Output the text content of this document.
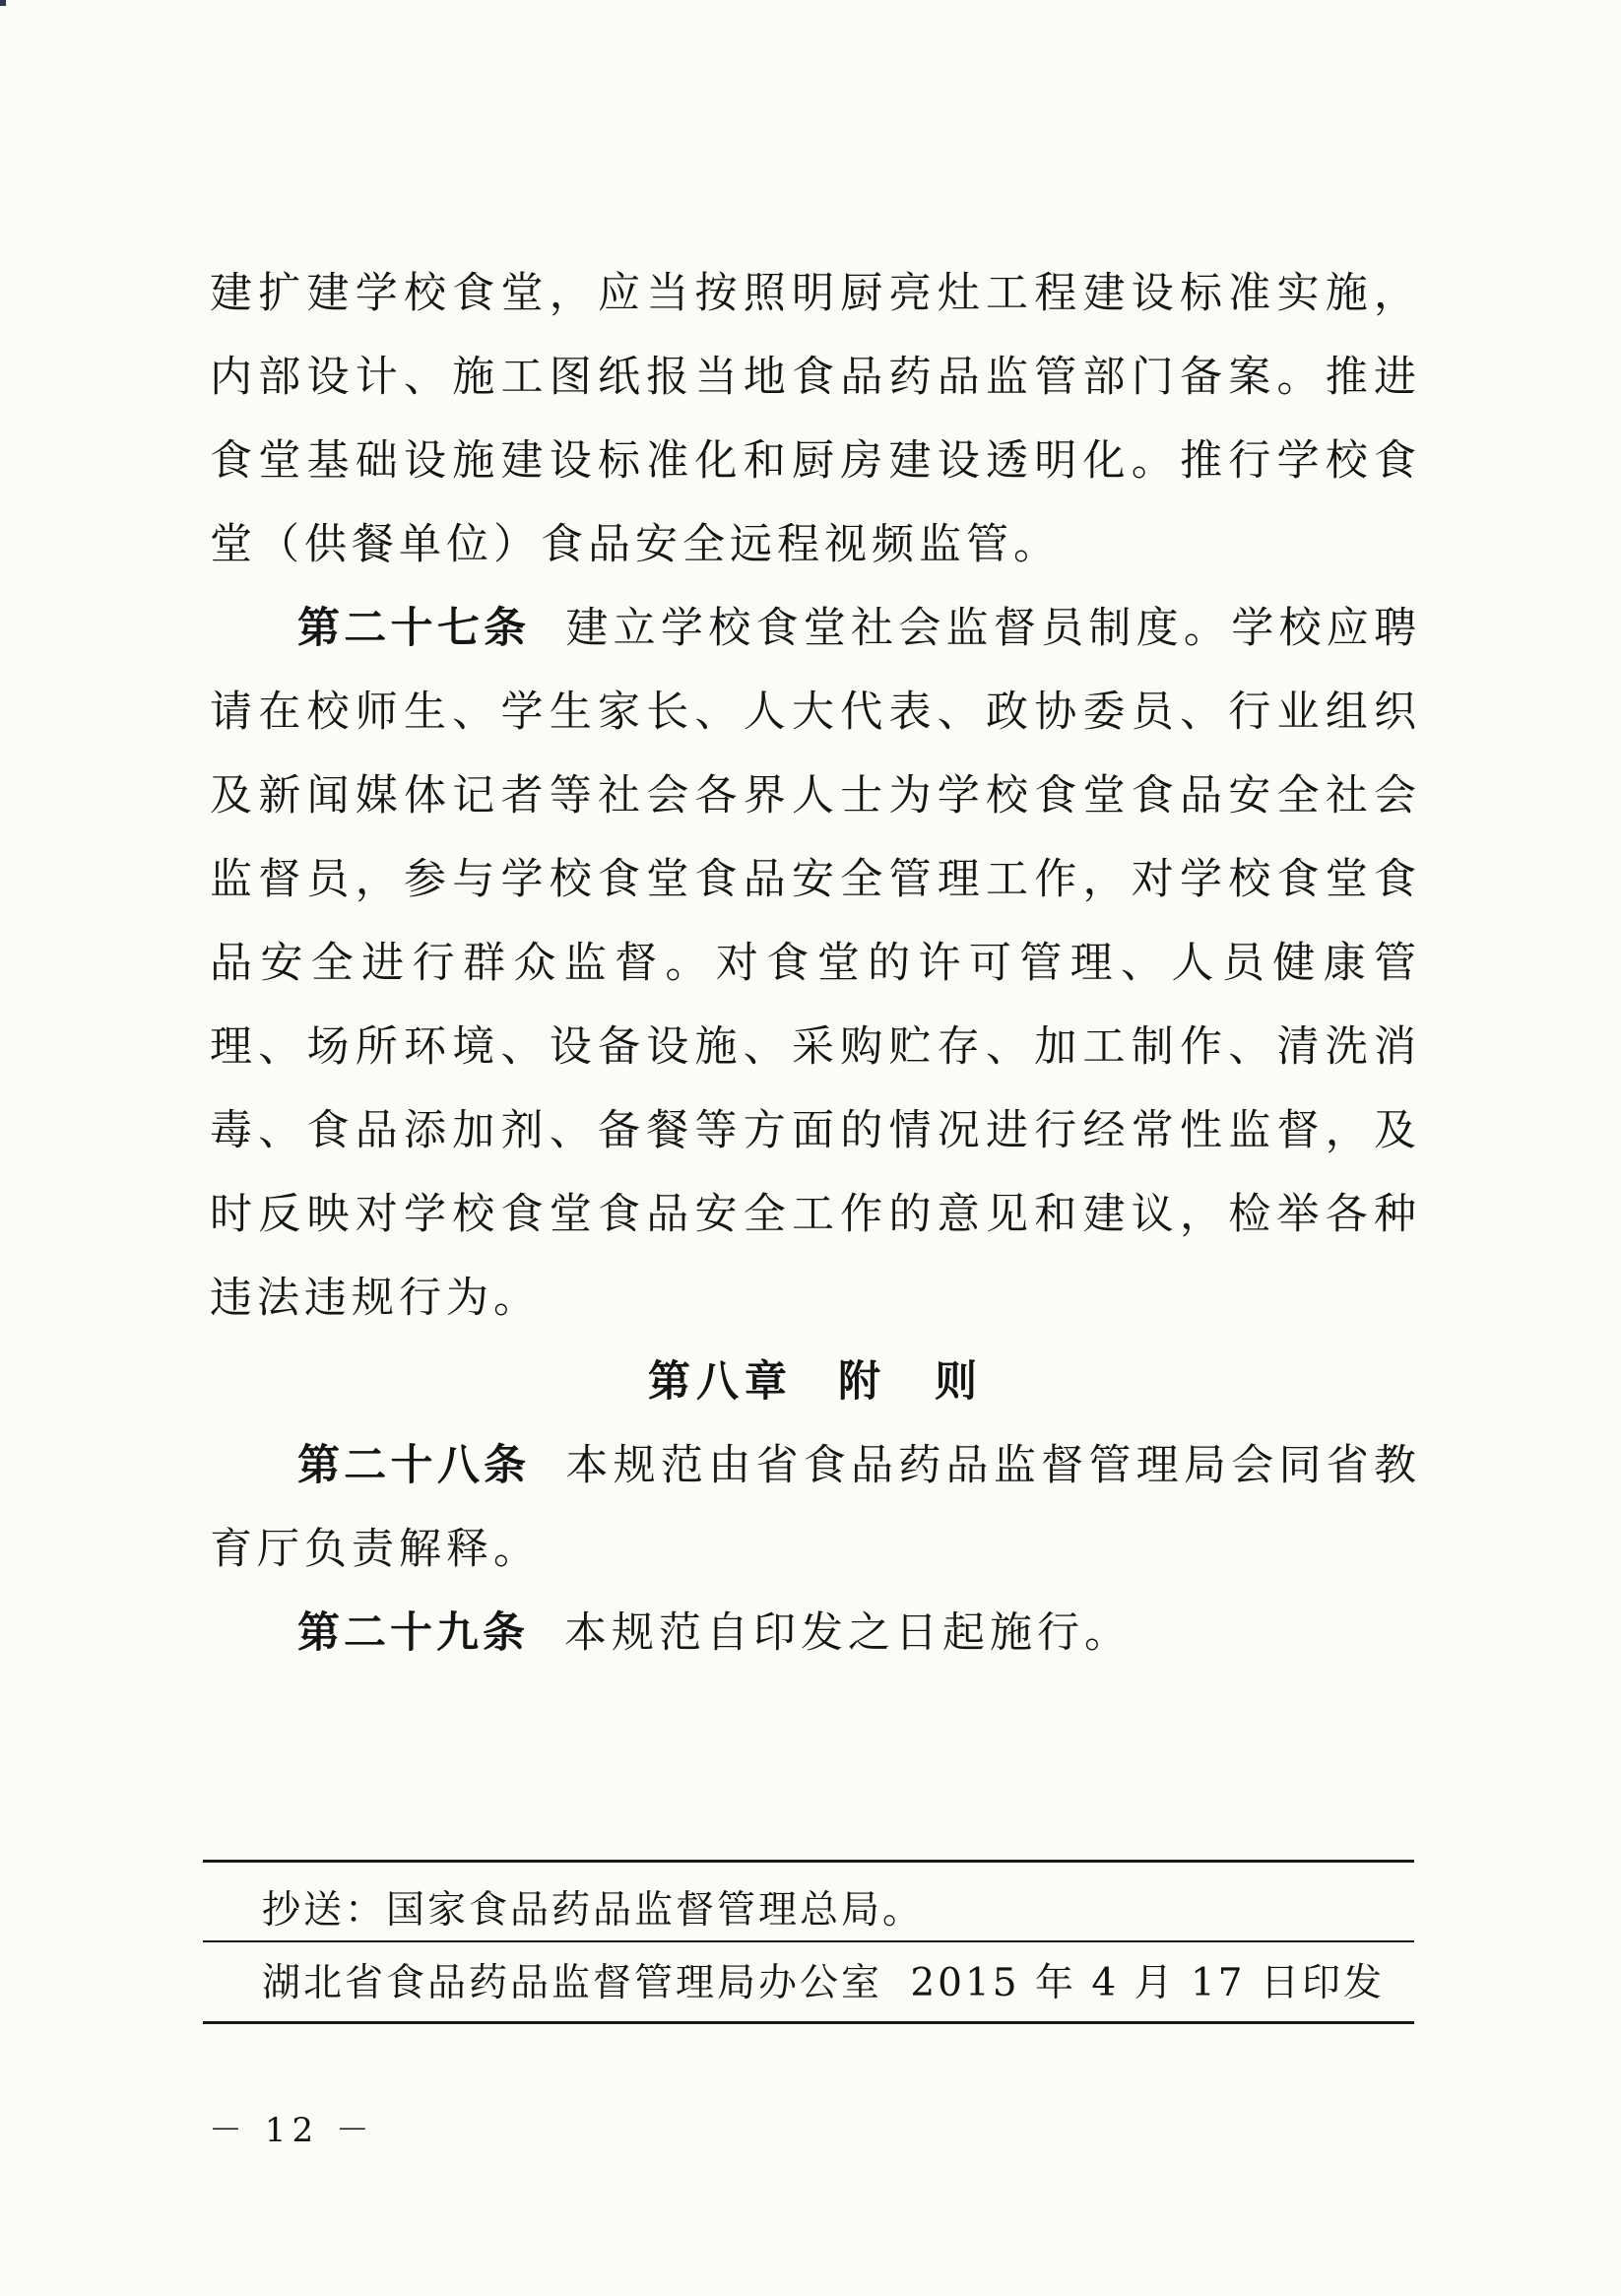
建扩建学校食堂，应当按照明厨亮灶工程建设标准实施，内部设计、施工图纸报当地食品药品监管部门备案。推进食堂基础设施建设标准化和厨房建设透明化。推行学校食堂（供餐单位）食品安全远程视频监管。

第二十七条 建立学校食堂社会监督员制度。学校应聘请在校师生、学生家长、人大代表、政协委员、行业组织及新闻媒体记者等社会各界人士为学校食堂食品安全社会监督员，参与学校食堂食品安全管理工作，对学校食堂食品安全进行群众监督。对食堂的许可管理、人员健康管理、场所环境、设备设施、采购贮存、加工制作、清洗消毒、食品添加剂、备餐等方面的情况进行经常性监督，及时反映对学校食堂食品安全工作的意见和建议，检举各种违法违规行为。

第八章 附　则

第二十八条 本规范由省食品药品监督管理局会同省教育厅负责解释。

第二十九条 本规范自印发之日起施行。

抄送：国家食品药品监督管理总局。
湖北省食品药品监督管理局办公室 2015 年 4 月 17 日印发
－ 12 －
